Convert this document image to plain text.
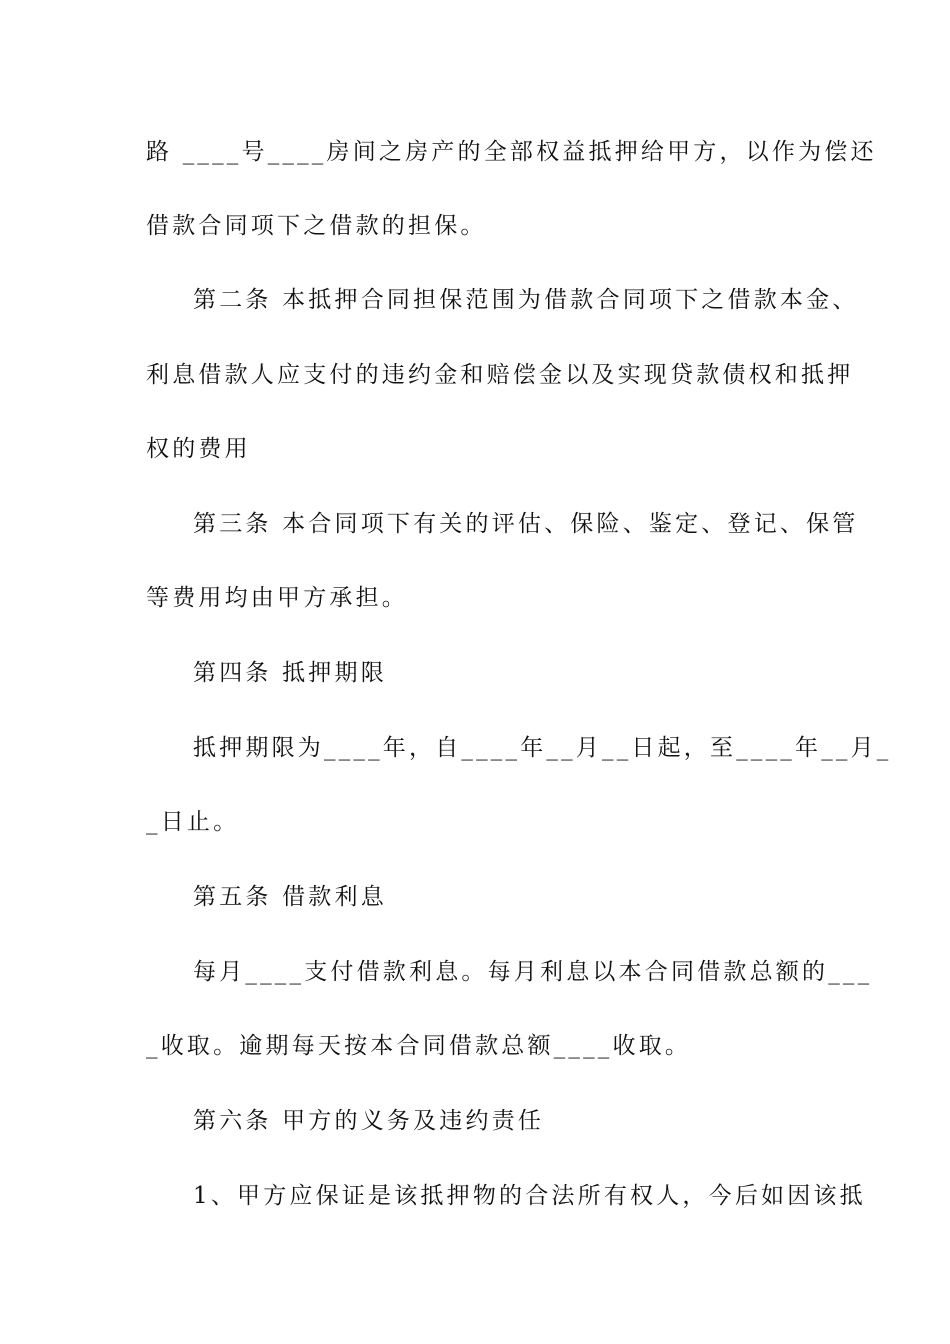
路 ____号____房间之房产的全部权益抵押给甲方，以作为偿还
借款合同项下之借款的担保。
第二条 本抵押合同担保范围为借款合同项下之借款本金、
利息借款人应支付的违约金和赔偿金以及实现贷款债权和抵押
权的费用
第三条 本合同项下有关的评估、保险、鉴定、登记、保管
等费用均由甲方承担。
第四条 抵押期限
抵押期限为____年，自____年__月__日起，至____年__月_
_日止。
第五条 借款利息
每月____支付借款利息。每月利息以本合同借款总额的___
_收取。逾期每天按本合同借款总额____收取。
第六条 甲方的义务及违约责任
1、甲方应保证是该抵押物的合法所有权人，今后如因该抵
